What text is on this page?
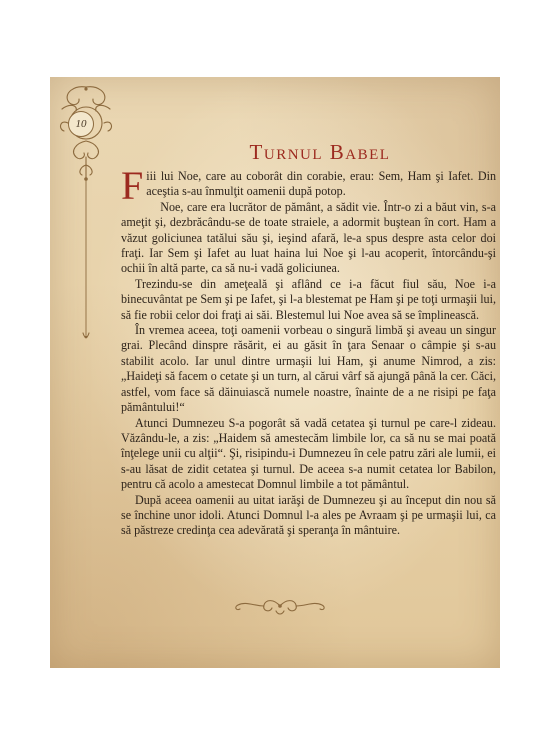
10
Turnul Babel

Fiii lui Noe, care au coborât din corabie, erau: Sem, Ham şi Iafet. Din aceştia s-au înmulţit oamenii după potop.

Noe, care era lucrător de pământ, a sădit vie. Într-o zi a băut vin, s-a ameţit şi, dezbrăcându-se de toate straiele, a adormit buştean în cort. Ham a văzut goliciunea tatălui său şi, ieşind afară, le-a spus despre asta celor doi fraţi. Iar Sem şi Iafet au luat haina lui Noe şi l-au acoperit, întorcându-şi ochii în altă parte, ca să nu-i vadă goliciunea.

Trezindu-se din ameţeală şi aflând ce i-a făcut fiul său, Noe i-a binecuvântat pe Sem şi pe Iafet, şi l-a blestemat pe Ham şi pe toţi urmaşii lui, să fie robii celor doi fraţi ai săi. Blestemul lui Noe avea să se împlinească.

În vremea aceea, toţi oamenii vorbeau o singură limbă şi aveau un singur grai. Plecând dinspre răsărit, ei au găsit în ţara Senaar o câmpie şi s-au stabilit acolo. Iar unul dintre urmaşii lui Ham, şi anume Nimrod, a zis: „Haideţi să facem o cetate şi un turn, al cărui vârf să ajungă până la cer. Căci, astfel, vom face să dăinuiască numele noastre, înainte de a ne risipi pe faţa pământului!“

Atunci Dumnezeu S-a pogorât să vadă cetatea şi turnul pe care-l zideau. Văzându-le, a zis: „Haidem să amestecăm limbile lor, ca să nu se mai poată înţelege unii cu alţii“. Şi, risipindu-i Dumnezeu în cele patru zări ale lumii, ei s-au lăsat de zidit cetatea şi turnul. De aceea s-a numit cetatea lor Babilon, pentru că acolo a amestecat Domnul limbile a tot pământul.

După aceea oamenii au uitat iarăşi de Dumnezeu şi au început din nou să se închine unor idoli. Atunci Domnul l-a ales pe Avraam şi pe urmaşii lui, ca să păstreze credinţa cea adevărată şi speranţa în mântuire.
